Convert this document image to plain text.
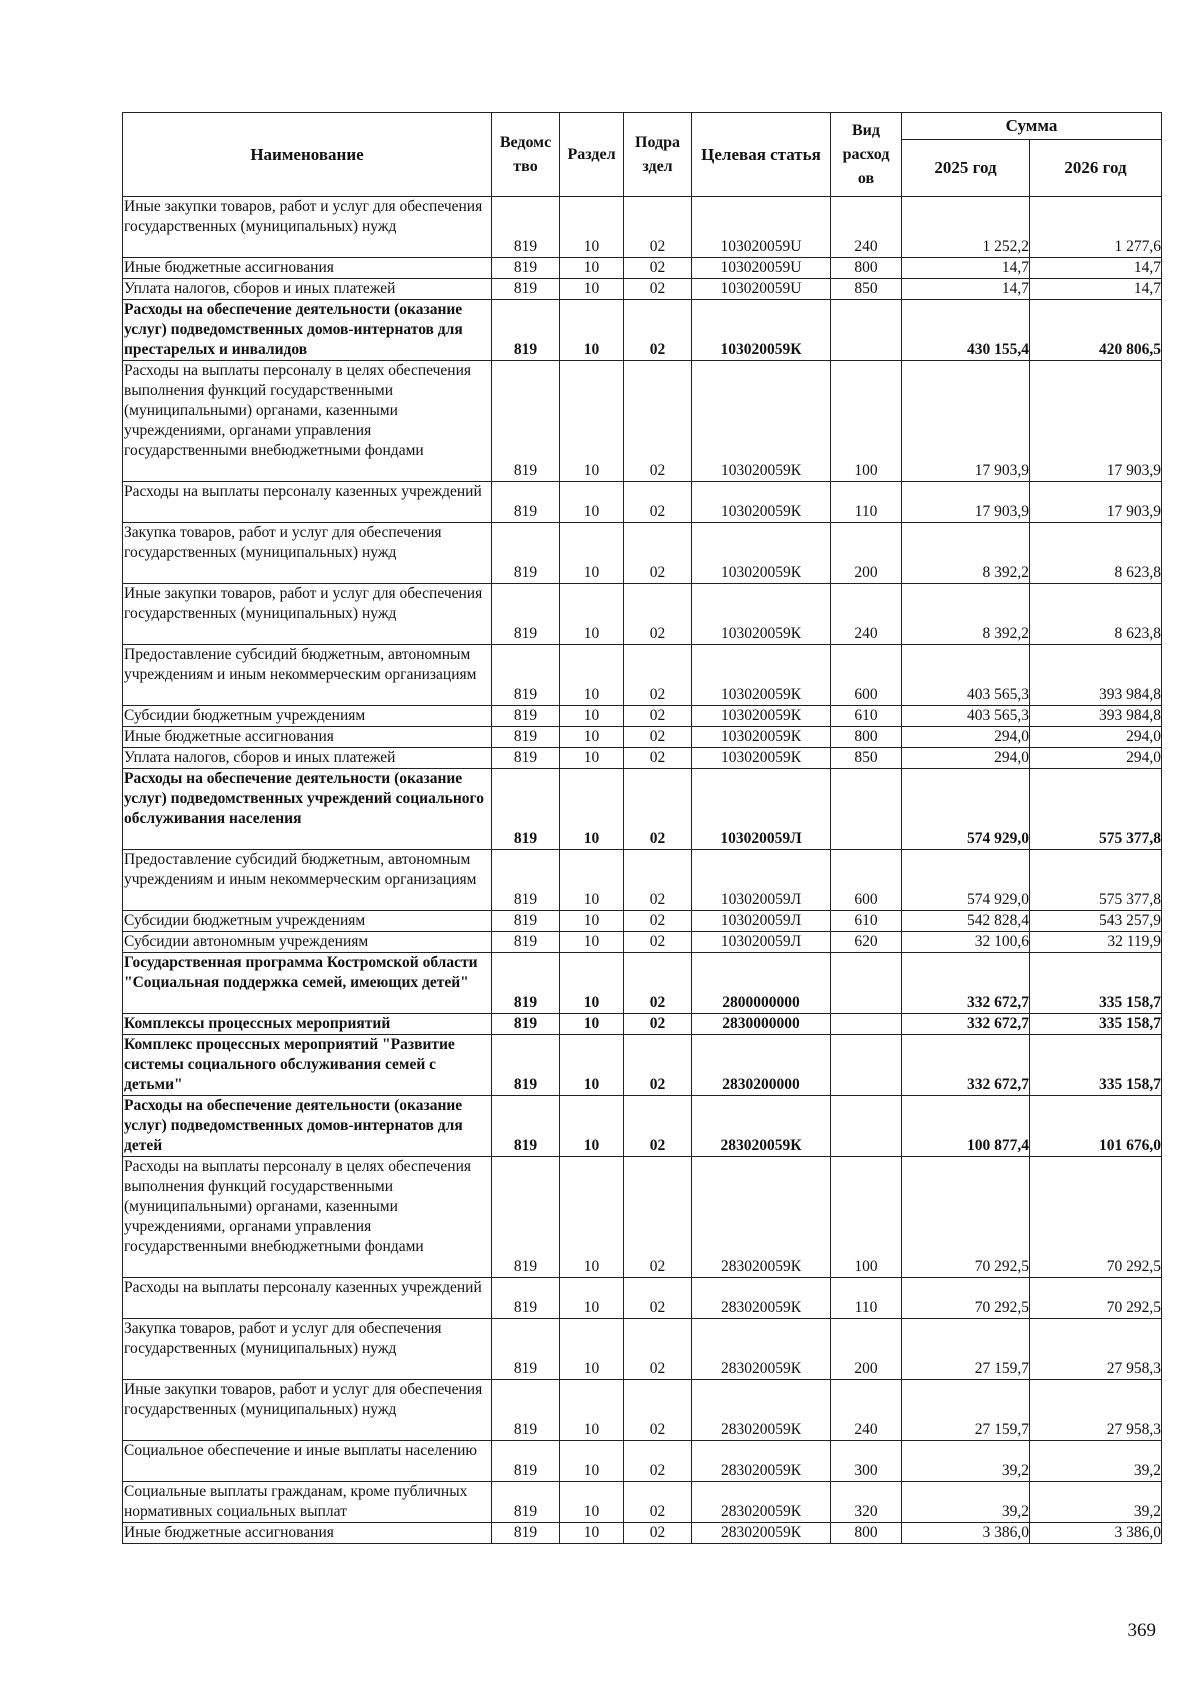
Наименование	Ведомс тво	Раздел	Подра здел	Целевая статья	Вид расход ов	Сумма	
						2025 год	2026 год
Иные закупки товаров, работ и услуг для обеспечения государственных (муниципальных) нужд	819	10	02	103020059U	240	1 252,2	1 277,6
Иные бюджетные ассигнования	819	10	02	103020059U	800	14,7	14,7
Уплата налогов, сборов и иных платежей	819	10	02	103020059U	850	14,7	14,7
Расходы на обеспечение деятельности (оказание услуг) подведомственных домов-интернатов для престарелых и инвалидов	819	10	02	103020059К		430 155,4	420 806,5
Расходы на выплаты персоналу в целях обеспечения выполнения функций государственными (муниципальными) органами, казенными учреждениями, органами управления государственными внебюджетными фондами	819	10	02	103020059К	100	17 903,9	17 903,9
Расходы на выплаты персоналу казенных учреждений	819	10	02	103020059К	110	17 903,9	17 903,9
Закупка товаров, работ и услуг для обеспечения государственных (муниципальных) нужд	819	10	02	103020059К	200	8 392,2	8 623,8
Иные закупки товаров, работ и услуг для обеспечения государственных (муниципальных) нужд	819	10	02	103020059К	240	8 392,2	8 623,8
Предоставление субсидий бюджетным, автономным учреждениям и иным некоммерческим организациям	819	10	02	103020059К	600	403 565,3	393 984,8
Субсидии бюджетным учреждениям	819	10	02	103020059К	610	403 565,3	393 984,8
Иные бюджетные ассигнования	819	10	02	103020059К	800	294,0	294,0
Уплата налогов, сборов и иных платежей	819	10	02	103020059К	850	294,0	294,0
Расходы на обеспечение деятельности (оказание услуг) подведомственных учреждений социального обслуживания населения	819	10	02	103020059Л		574 929,0	575 377,8
Предоставление субсидий бюджетным, автономным учреждениям и иным некоммерческим организациям	819	10	02	103020059Л	600	574 929,0	575 377,8
Субсидии бюджетным учреждениям	819	10	02	103020059Л	610	542 828,4	543 257,9
Субсидии автономным учреждениям	819	10	02	103020059Л	620	32 100,6	32 119,9
Государственная программа Костромской области "Социальная поддержка семей, имеющих детей"	819	10	02	2800000000		332 672,7	335 158,7
Комплексы процессных мероприятий	819	10	02	2830000000		332 672,7	335 158,7
Комплекс процессных мероприятий "Развитие системы социального обслуживания семей с детьми"	819	10	02	2830200000		332 672,7	335 158,7
Расходы на обеспечение деятельности (оказание услуг) подведомственных домов-интернатов для детей	819	10	02	283020059К		100 877,4	101 676,0
Расходы на выплаты персоналу в целях обеспечения выполнения функций государственными (муниципальными) органами, казенными учреждениями, органами управления государственными внебюджетными фондами	819	10	02	283020059К	100	70 292,5	70 292,5
Расходы на выплаты персоналу казенных учреждений	819	10	02	283020059К	110	70 292,5	70 292,5
Закупка товаров, работ и услуг для обеспечения государственных (муниципальных) нужд	819	10	02	283020059К	200	27 159,7	27 958,3
Иные закупки товаров, работ и услуг для обеспечения государственных (муниципальных) нужд	819	10	02	283020059К	240	27 159,7	27 958,3
Социальное обеспечение и иные выплаты населению	819	10	02	283020059К	300	39,2	39,2
Социальные выплаты гражданам, кроме публичных нормативных социальных выплат	819	10	02	283020059К	320	39,2	39,2
Иные бюджетные ассигнования	819	10	02	283020059К	800	3 386,0	3 386,0
369
